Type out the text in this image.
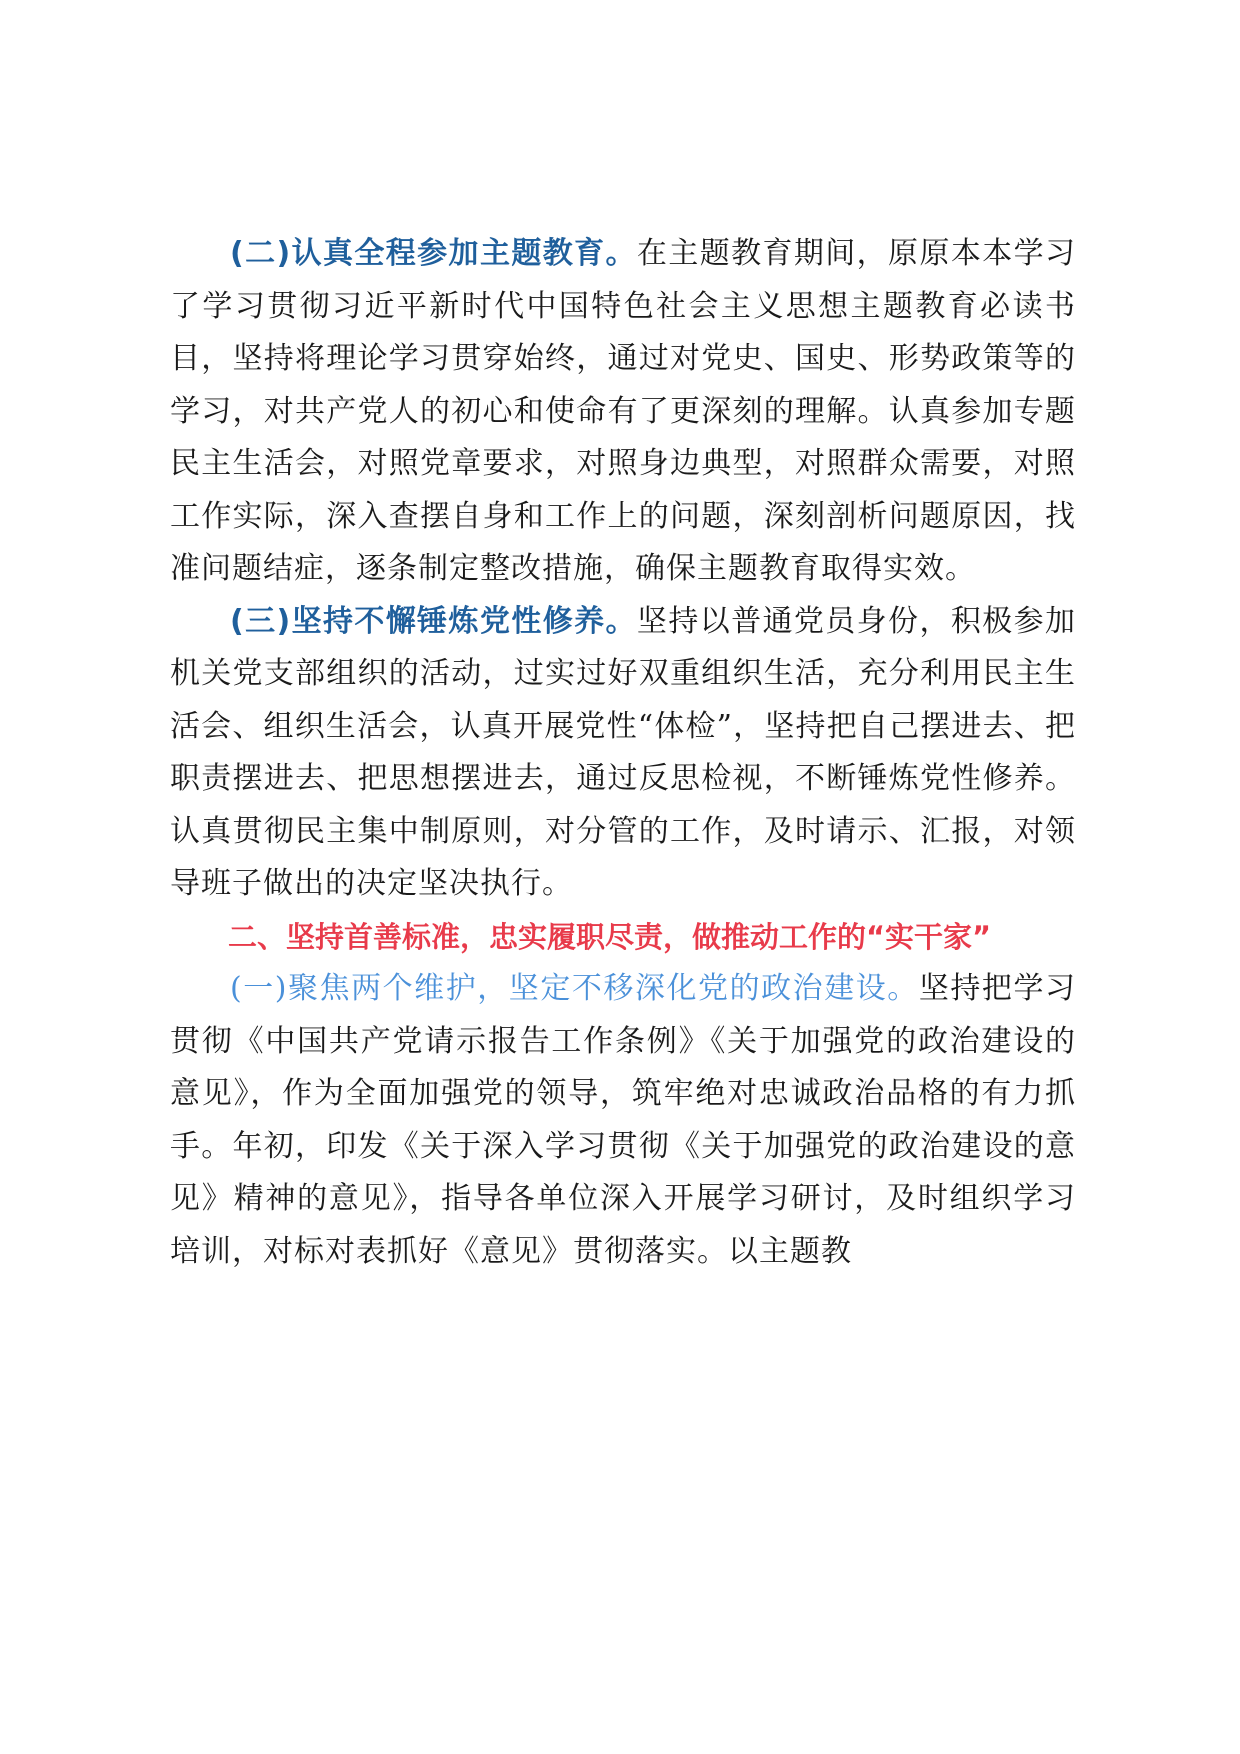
(二)认真全程参加主题教育。在主题教育期间，原原本本学习了学习贯彻习近平新时代中国特色社会主义思想主题教育必读书目，坚持将理论学习贯穿始终，通过对党史、国史、形势政策等的学习，对共产党人的初心和使命有了更深刻的理解。认真参加专题民主生活会，对照党章要求，对照身边典型，对照群众需要，对照工作实际，深入查摆自身和工作上的问题，深刻剖析问题原因，找准问题结症，逐条制定整改措施，确保主题教育取得实效。

(三)坚持不懈锤炼党性修养。坚持以普通党员身份，积极参加机关党支部组织的活动，过实过好双重组织生活，充分利用民主生活会、组织生活会，认真开展党性“体检”，坚持把自己摆进去、把职责摆进去、把思想摆进去，通过反思检视，不断锤炼党性修养。认真贯彻民主集中制原则，对分管的工作，及时请示、汇报，对领导班子做出的决定坚决执行。

二、坚持首善标准，忠实履职尽责，做推动工作的“实干家”

(一)聚焦两个维护，坚定不移深化党的政治建设。坚持把学习贯彻《中国共产党请示报告工作条例》《关于加强党的政治建设的意见》，作为全面加强党的领导，筑牢绝对忠诚政治品格的有力抓手。年初，印发《关于深入学习贯彻《关于加强党的政治建设的意见》精神的意见》，指导各单位深入开展学习研讨，及时组织学习培训，对标对表抓好《意见》贯彻落实。以主题教
